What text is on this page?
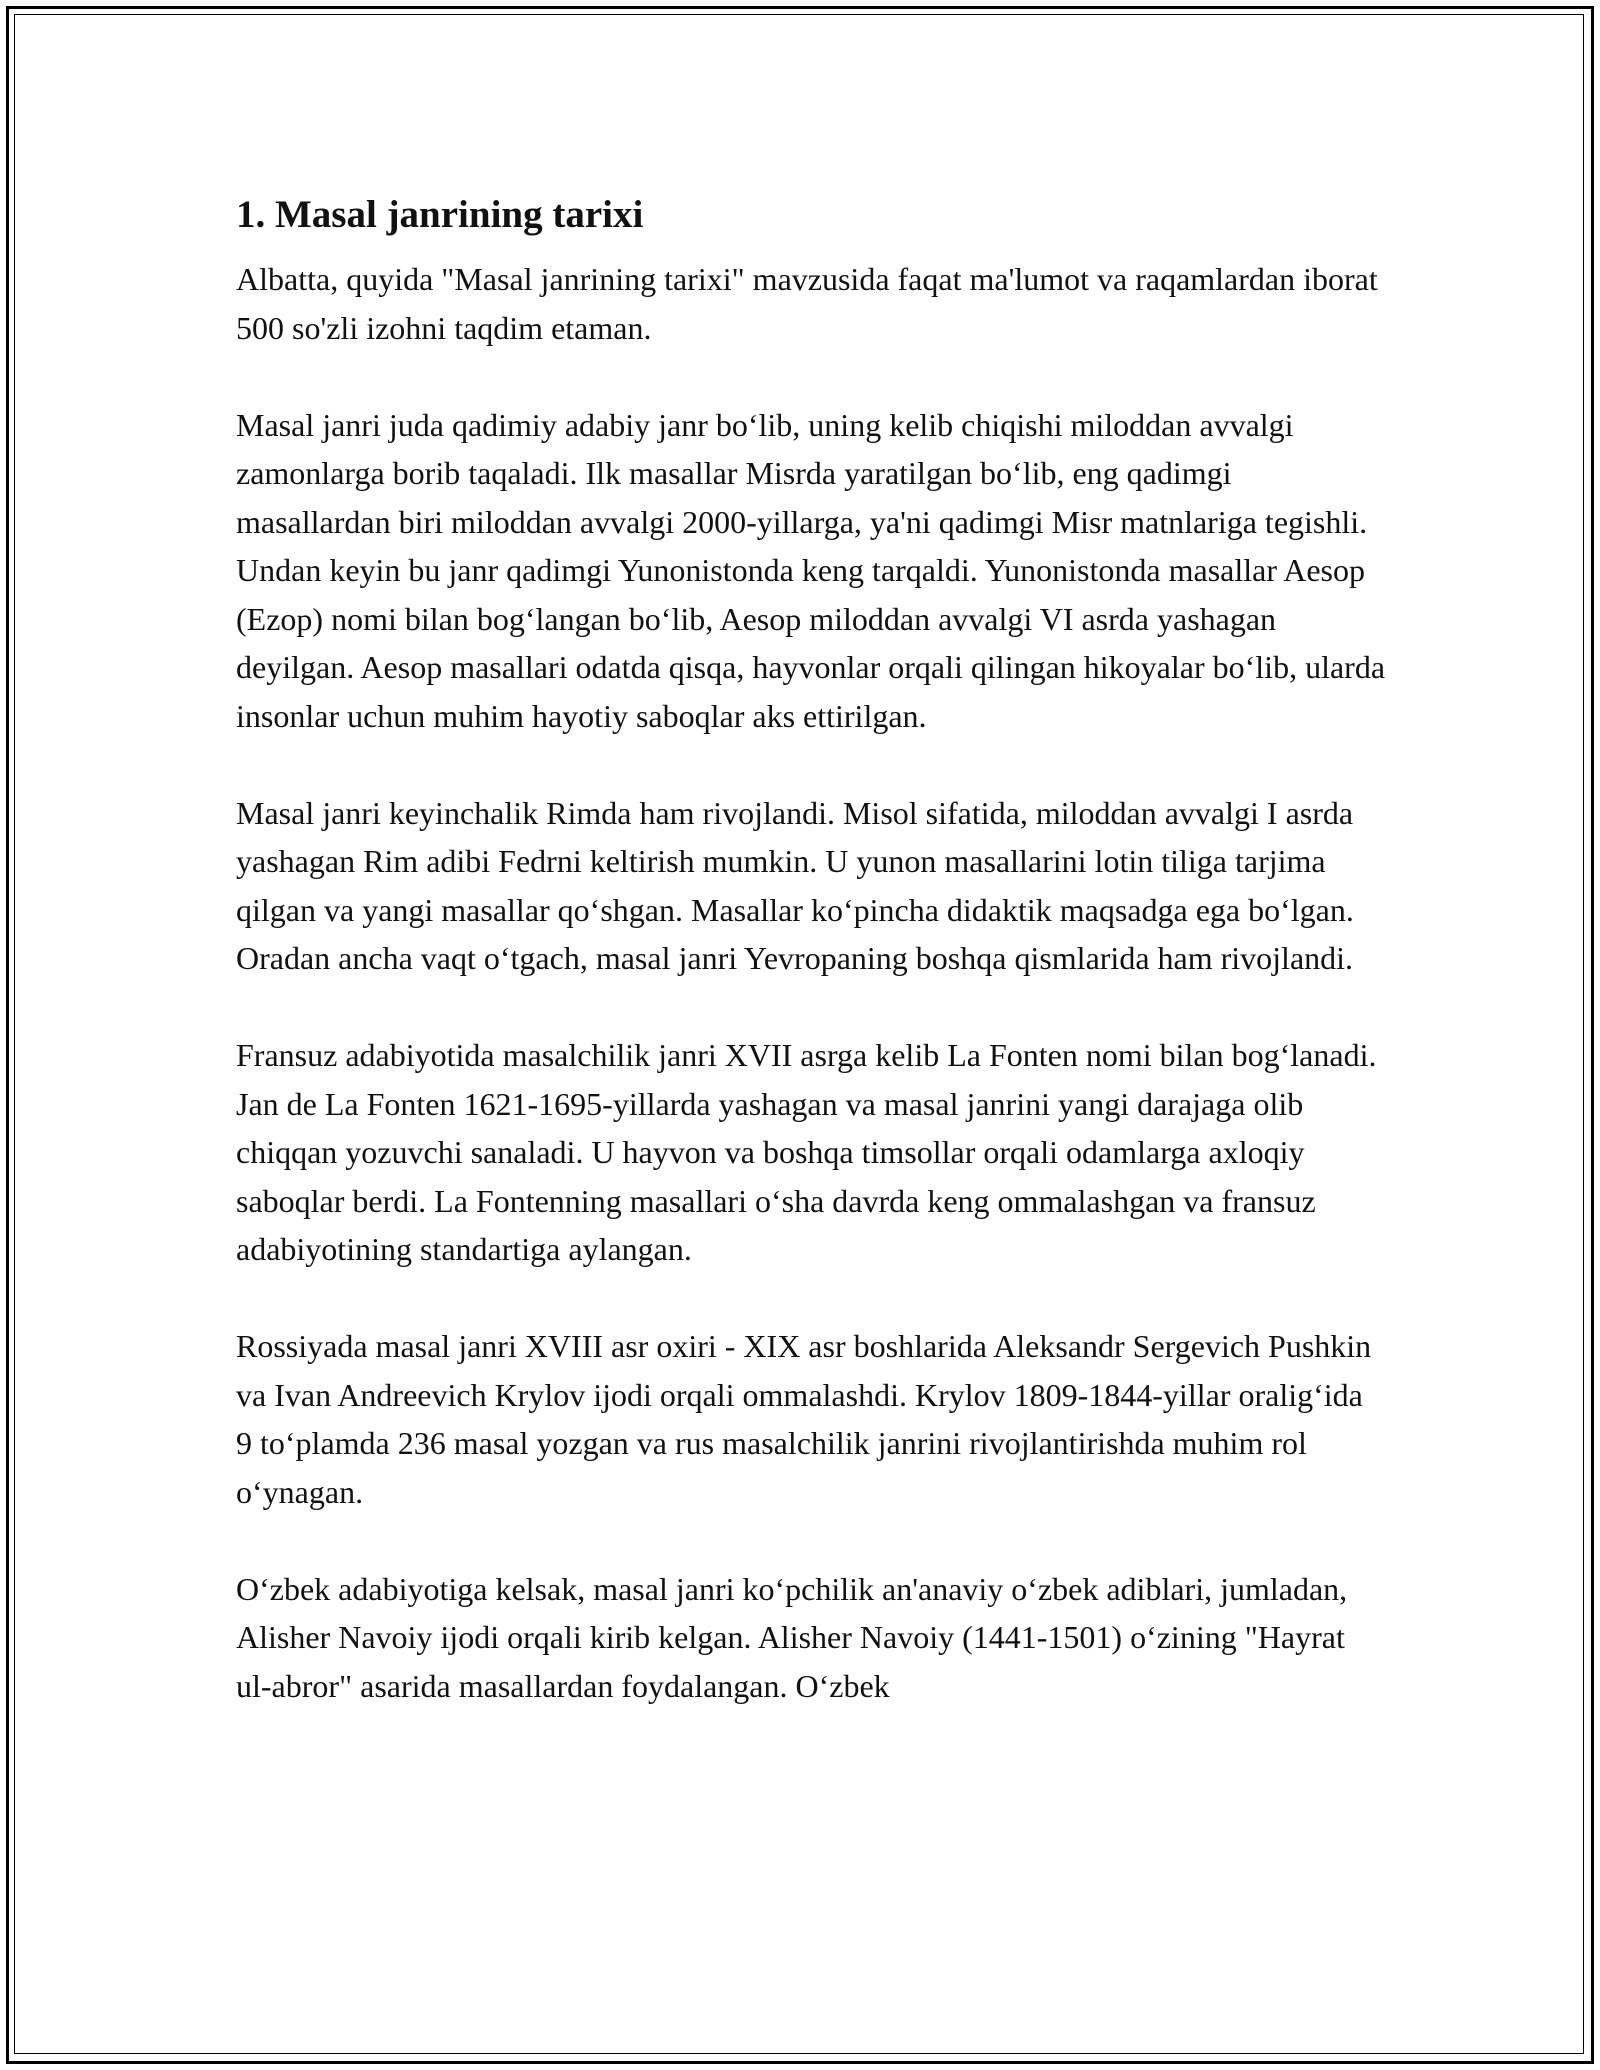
1. Masal janrining tarixi

Albatta, quyida "Masal janrining tarixi" mavzusida faqat ma'lumot va raqamlardan iborat 500 so'zli izohni taqdim etaman.

Masal janri juda qadimiy adabiy janr bo‘lib, uning kelib chiqishi miloddan avvalgi zamonlarga borib taqaladi. Ilk masallar Misrda yaratilgan bo‘lib, eng qadimgi masallardan biri miloddan avvalgi 2000-yillarga, ya'ni qadimgi Misr matnlariga tegishli. Undan keyin bu janr qadimgi Yunonistonda keng tarqaldi. Yunonistonda masallar Aesop (Ezop) nomi bilan bog‘langan bo‘lib, Aesop miloddan avvalgi VI asrda yashagan deyilgan. Aesop masallari odatda qisqa, hayvonlar orqali qilingan hikoyalar bo‘lib, ularda insonlar uchun muhim hayotiy saboqlar aks ettirilgan.

Masal janri keyinchalik Rimda ham rivojlandi. Misol sifatida, miloddan avvalgi I asrda yashagan Rim adibi Fedrni keltirish mumkin. U yunon masallarini lotin tiliga tarjima qilgan va yangi masallar qo‘shgan. Masallar ko‘pincha didaktik maqsadga ega bo‘lgan. Oradan ancha vaqt o‘tgach, masal janri Yevropaning boshqa qismlarida ham rivojlandi.

Fransuz adabiyotida masalchilik janri XVII asrga kelib La Fonten nomi bilan bog‘lanadi. Jan de La Fonten 1621-1695-yillarda yashagan va masal janrini yangi darajaga olib chiqqan yozuvchi sanaladi. U hayvon va boshqa timsollar orqali odamlarga axloqiy saboqlar berdi. La Fontenning masallari o‘sha davrda keng ommalashgan va fransuz adabiyotining standartiga aylangan.

Rossiyada masal janri XVIII asr oxiri - XIX asr boshlarida Aleksandr Sergevich Pushkin va Ivan Andreevich Krylov ijodi orqali ommalashdi. Krylov 1809-1844-yillar oralig‘ida 9 to‘plamda 236 masal yozgan va rus masalchilik janrini rivojlantirishda muhim rol o‘ynagan.

O‘zbek adabiyotiga kelsak, masal janri ko‘pchilik an'anaviy o‘zbek adiblari, jumladan, Alisher Navoiy ijodi orqali kirib kelgan. Alisher Navoiy (1441-1501) o‘zining "Hayrat ul-abror" asarida masallardan foydalangan. O‘zbek
